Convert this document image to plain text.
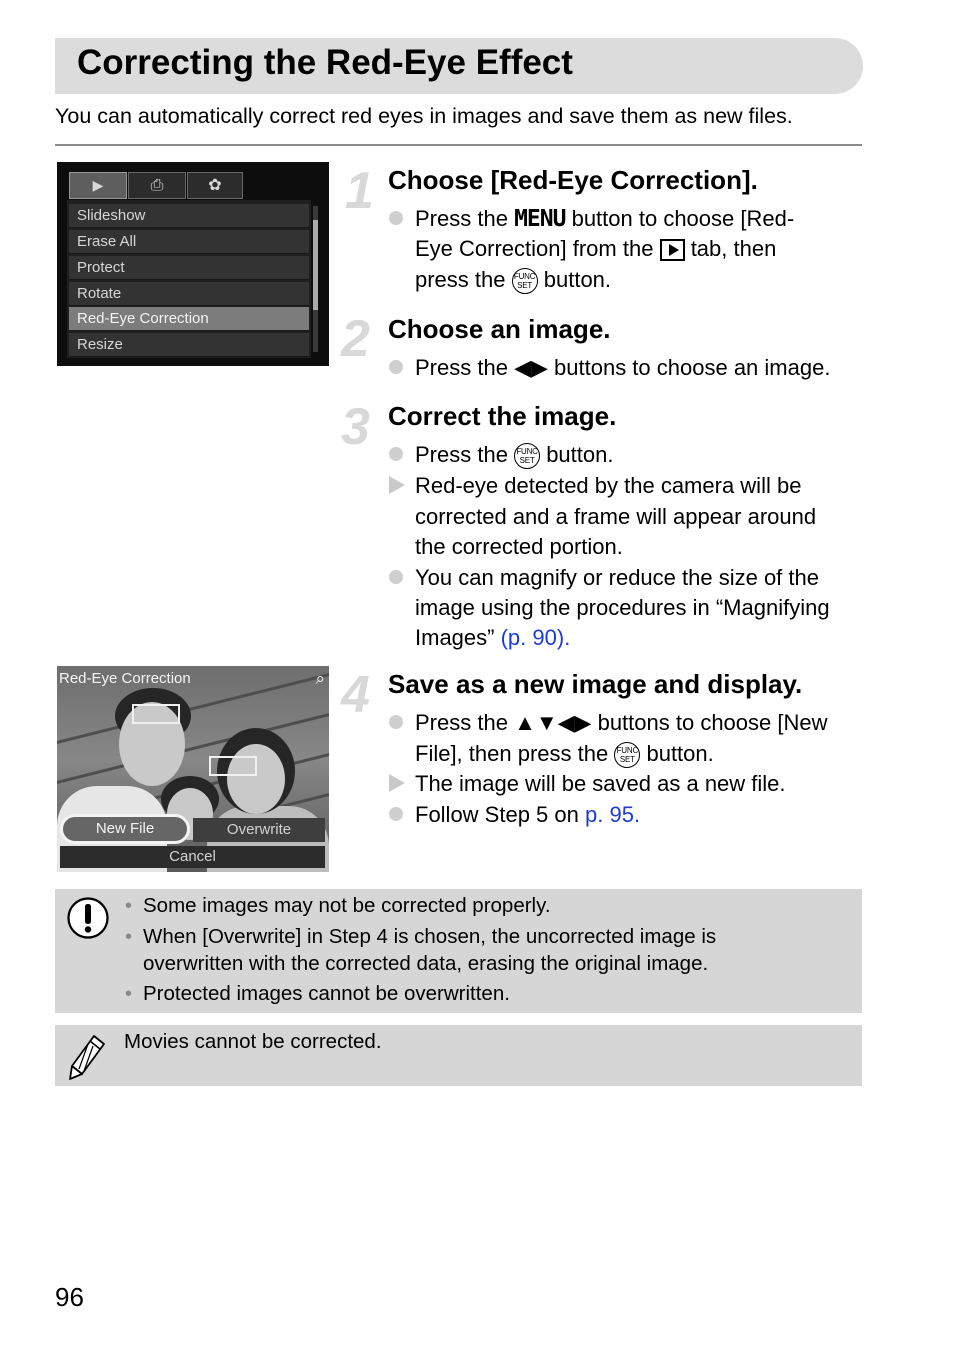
Correcting the Red-Eye Effect
You can automatically correct red eyes in images and save them as new files.
▶	⎙	✿
Slideshow
Erase All
Protect
Rotate
Red-Eye Correction
Resize
Red-Eye Correction	⌕
New File	Overwrite
Cancel
1 Choose [Red-Eye Correction].
Press the MENU button to choose [Red-
Eye Correction] from the tab, then
press the FUNC
SET button.
2 Choose an image.
Press the ◀▶ buttons to choose an image.
3 Correct the image.
Press the FUNC
SET button.
Red-eye detected by the camera will be
corrected and a frame will appear around
the corrected portion.
You can magnify or reduce the size of the
image using the procedures in “Magnifying
Images” (p. 90).
4 Save as a new image and display.
Press the ▲▼◀▶ buttons to choose [New
File], then press the FUNC
SET button.
The image will be saved as a new file.
Follow Step 5 on p. 95.
• Some images may not be corrected properly.
• When [Overwrite] in Step 4 is chosen, the uncorrected image is
overwritten with the corrected data, erasing the original image.
• Protected images cannot be overwritten.
Movies cannot be corrected.
96
